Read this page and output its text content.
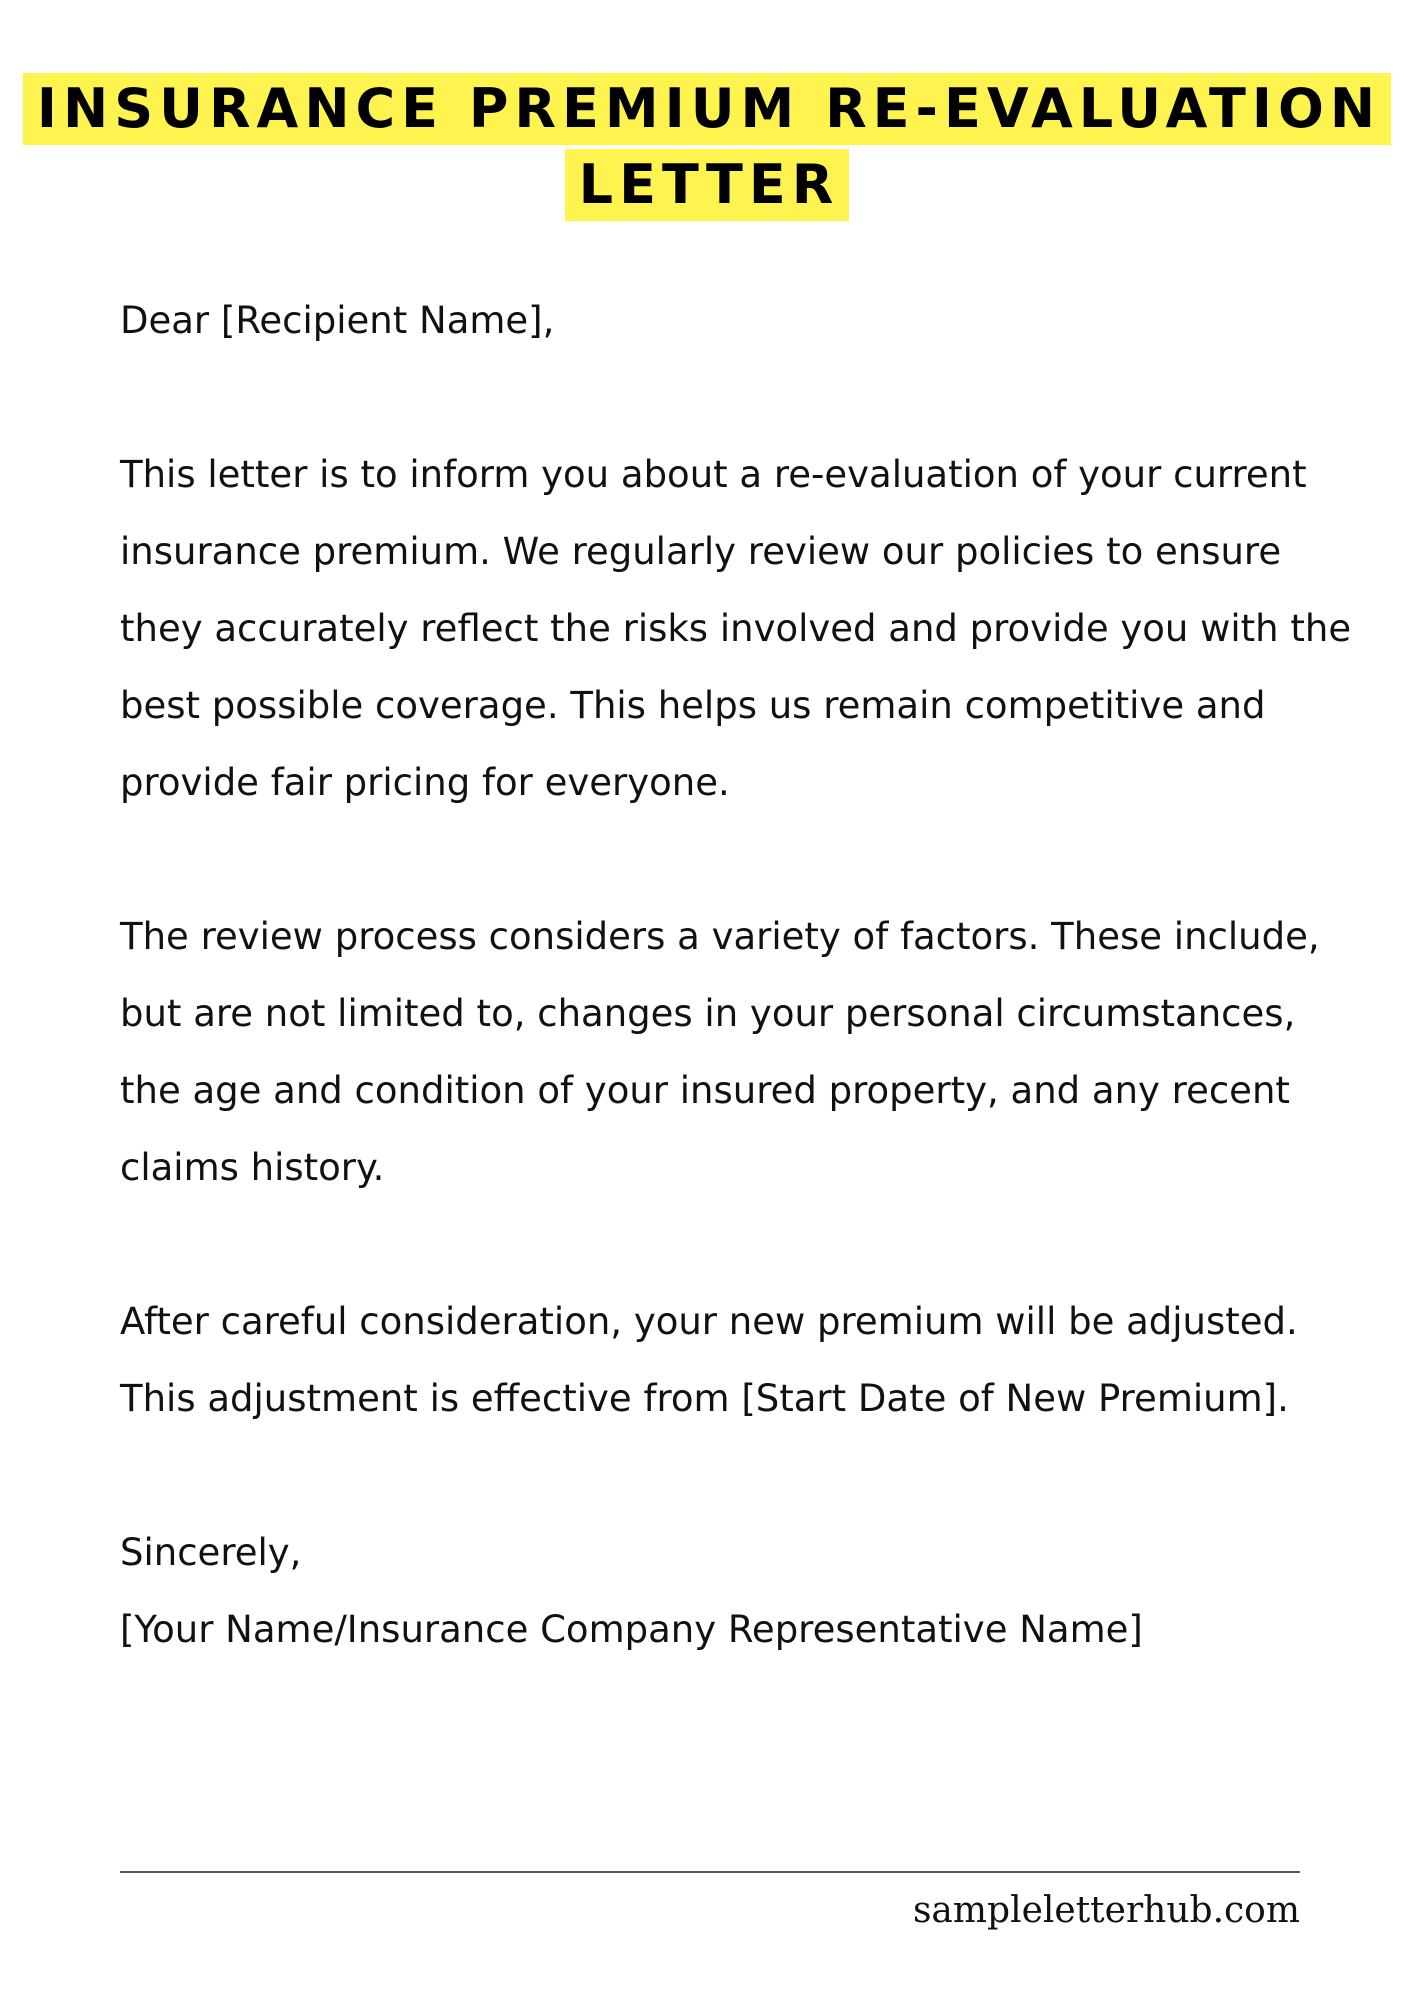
INSURANCE PREMIUM RE-EVALUATION
LETTER

Dear [Recipient Name],

This letter is to inform you about a re-evaluation of your current insurance premium. We regularly review our policies to ensure they accurately reflect the risks involved and provide you with the best possible coverage. This helps us remain competitive and provide fair pricing for everyone.

The review process considers a variety of factors. These include, but are not limited to, changes in your personal circumstances, the age and condition of your insured property, and any recent claims history.

After careful consideration, your new premium will be adjusted. This adjustment is effective from [Start Date of New Premium].

Sincerely,

[Your Name/Insurance Company Representative Name]

sampleletterhub.com
